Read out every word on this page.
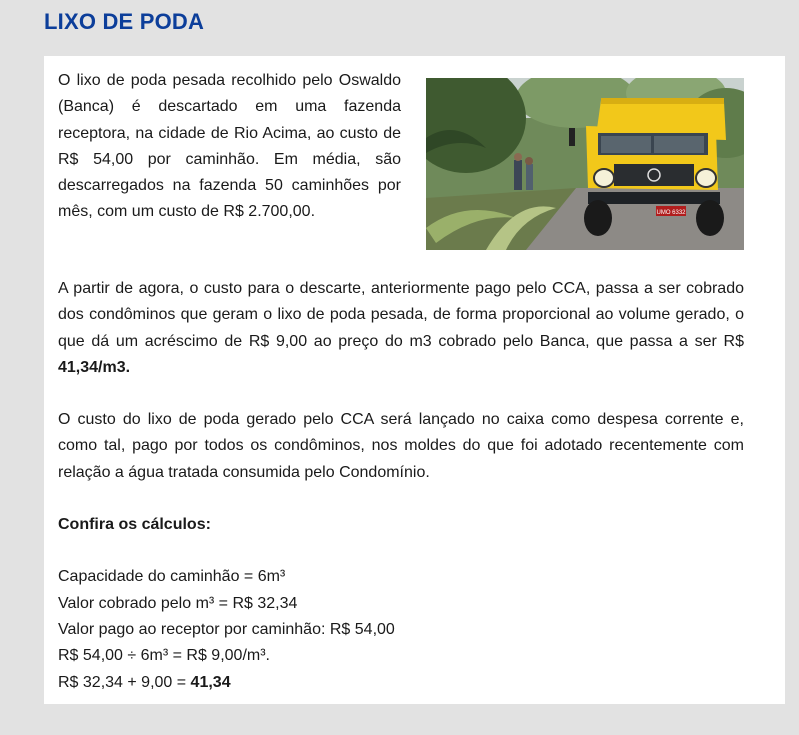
LIXO DE PODA

O lixo de poda pesada recolhido pelo Oswaldo (Banca) é descartado em uma fazenda receptora, na cidade de Rio Acima, ao custo de R$ 54,00 por caminhão. Em média, são descarregados na fazenda 50 caminhões por mês, com um custo de R$ 2.700,00.	UMO 6332

A partir de agora, o custo para o descarte, anteriormente pago pelo CCA, passa a ser cobrado dos condôminos que geram o lixo de poda pesada, de forma proporcional ao volume gerado, o que dá um acréscimo de R$ 9,00 ao preço do m3 cobrado pelo Banca, que passa a ser R$ 41,34/m3.

O custo do lixo de poda gerado pelo CCA será lançado no caixa como despesa corrente e, como tal, pago por todos os condôminos, nos moldes do que foi adotado recentemente com relação a água tratada consumida pelo Condomínio.

Confira os cálculos:

Capacidade do caminhão = 6m³
Valor cobrado pelo m³ = R$ 32,34
Valor pago ao receptor por caminhão: R$ 54,00
R$ 54,00 ÷ 6m³ = R$ 9,00/m³.
R$ 32,34 + 9,00 = 41,34
